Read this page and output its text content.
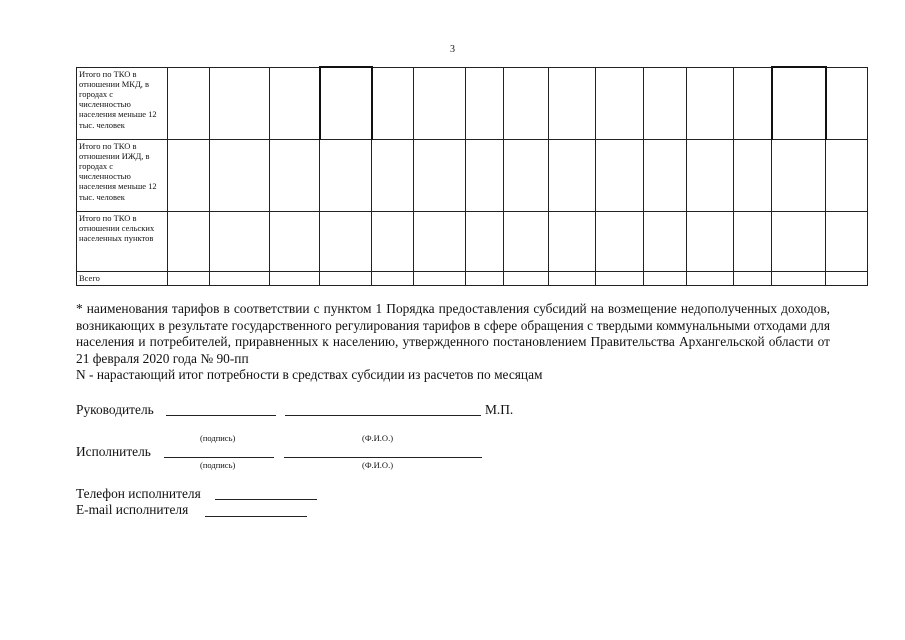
3
Итого по ТКО в отношении МКД, в городах с численностью населения меньше 12 тыс. человек															
Итого по ТКО в отношении ИЖД, в городах с численностью населения меньше 12 тыс. человек															
Итого по ТКО в отношении сельских населенных пунктов															
Всего															

* наименования тарифов в соответствии с пунктом 1 Порядка предоставления субсидий на возмещение недополученных доходов, возникающих в результате государственного регулирования тарифов в сфере обращения с твердыми коммунальными отходами для населения и потребителей, приравненных к населению, утвержденного постановлением Правительства Архангельской области от 21 февраля 2020 года № 90-пп

N - нарастающий итог потребности в средствах субсидии из расчетов по месяцам

Руководитель	М.П.
(подпись)	(Ф.И.О.)
Исполнитель
(подпись)	(Ф.И.О.)
Телефон исполнителя
E-mail исполнителя
